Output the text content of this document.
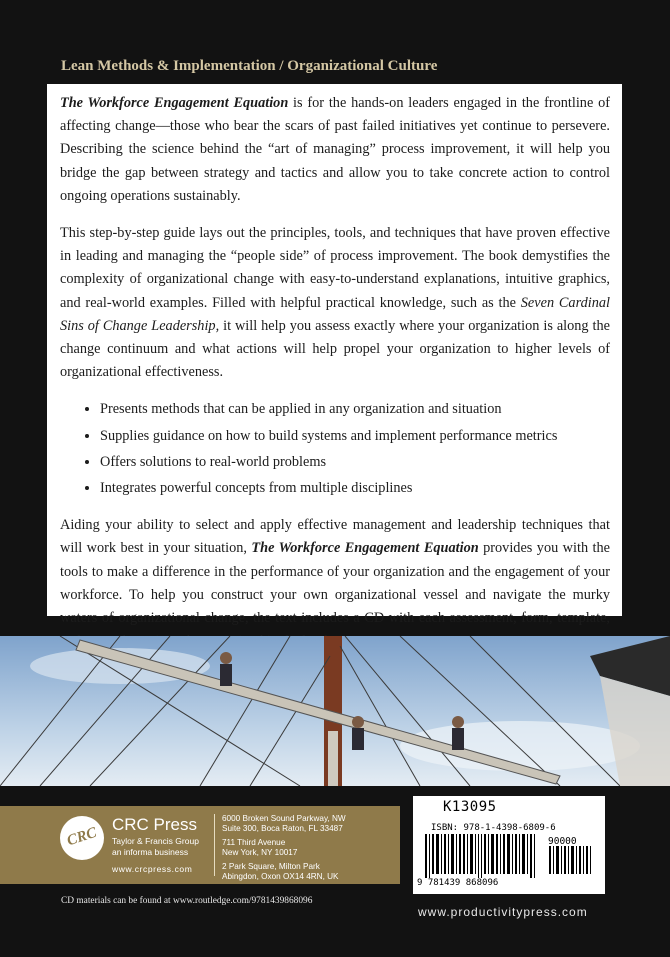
Lean Methods & Implementation / Organizational Culture

The Workforce Engagement Equation is for the hands-on leaders engaged in the frontline of affecting change—those who bear the scars of past failed initiatives yet continue to persevere. Describing the science behind the “art of managing” process improvement, it will help you bridge the gap between strategy and tactics and allow you to take concrete action to control ongoing operations sustainably.

This step-by-step guide lays out the principles, tools, and techniques that have proven effective in leading and managing the “people side” of process improvement. The book demystifies the complexity of organizational change with easy-to-understand explanations, intuitive graphics, and real-world examples. Filled with helpful practical knowledge, such as the Seven Cardinal Sins of Change Leadership, it will help you assess exactly where your organization is along the change continuum and what actions will help propel your organization to higher levels of organizational effectiveness.

• Presents methods that can be applied in any organization and situation
• Supplies guidance on how to build systems and implement performance metrics
• Offers solutions to real-world problems
• Integrates powerful concepts from multiple disciplines

Aiding your ability to select and apply effective management and leadership techniques that will work best in your situation, The Workforce Engagement Equation provides you with the tools to make a difference in the performance of your organization and the engagement of your workforce. To help you construct your own organizational vessel and navigate the murky waters of organizational change, the text includes a CD with each assessment, form, template,

CRC
CRC Press
Taylor & Francis Group
an informa business
www.crcpress.com
6000 Broken Sound Parkway, NW
Suite 300, Boca Raton, FL 33487
711 Third Avenue
New York, NY 10017
2 Park Square, Milton Park
Abingdon, Oxon OX14 4RN, UK
CD materials can be found at www.routledge.com/9781439868096
K13095
ISBN: 978-1-4398-6809-6
90000
9 781439 868096
www.productivitypress.com
